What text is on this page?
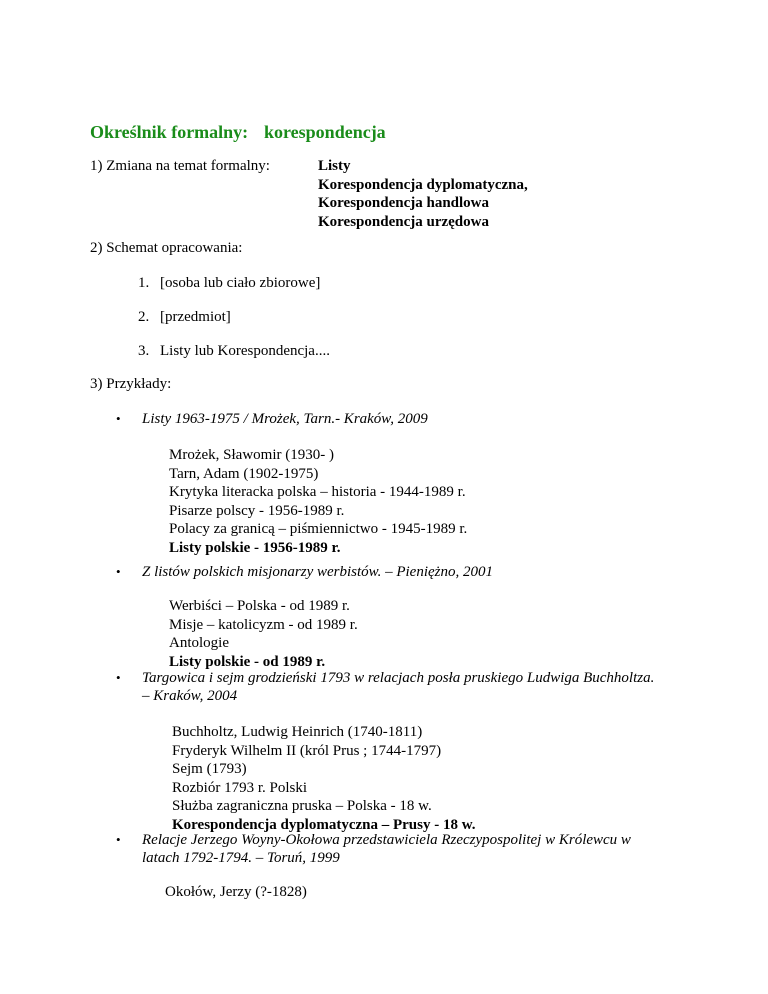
Określnik formalny: korespondencja
1) Zmiana na temat formalny:	Listy
Korespondencja dyplomatyczna,
Korespondencja handlowa
Korespondencja urzędowa
2) Schemat opracowania:
1. [osoba lub ciało zbiorowe]
2. [przedmiot]
3. Listy lub Korespondencja....
3) Przykłady:
• Listy 1963-1975 / Mrożek, Tarn.- Kraków, 2009
Mrożek, Sławomir (1930- )
Tarn, Adam (1902-1975)
Krytyka literacka polska – historia - 1944-1989 r.
Pisarze polscy - 1956-1989 r.
Polacy za granicą – piśmiennictwo - 1945-1989 r.
Listy polskie - 1956-1989 r.
• Z listów polskich misjonarzy werbistów. – Pieniężno, 2001
Werbiści – Polska - od 1989 r.
Misje – katolicyzm - od 1989 r.
Antologie
Listy polskie - od 1989 r.
• Targowica i sejm grodzieński 1793 w relacjach posła pruskiego Ludwiga Buchholtza.
– Kraków, 2004
Buchholtz, Ludwig Heinrich (1740-1811)
Fryderyk Wilhelm II (król Prus ; 1744-1797)
Sejm (1793)
Rozbiór 1793 r. Polski
Służba zagraniczna pruska – Polska - 18 w.
Korespondencja dyplomatyczna – Prusy - 18 w.
• Relacje Jerzego Woyny-Okołowa przedstawiciela Rzeczypospolitej w Królewcu w
latach 1792-1794. – Toruń, 1999
Okołów, Jerzy (?-1828)
